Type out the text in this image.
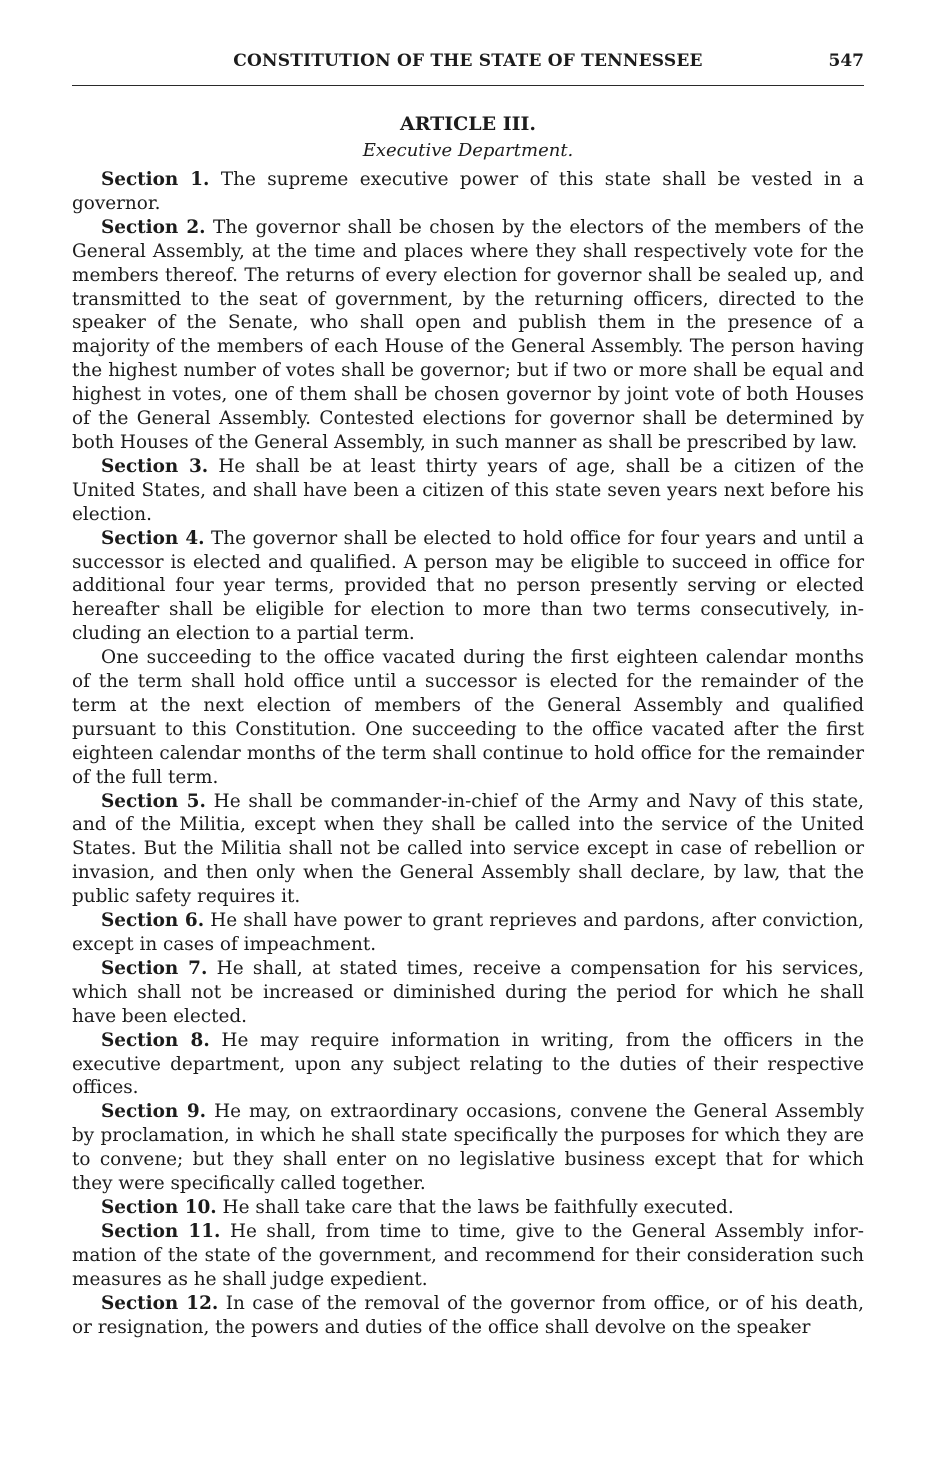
CONSTITUTION OF THE STATE OF TENNESSEE	547
ARTICLE III.
Executive Department.

Section 1. The supreme executive power of this state shall be vested in a governor.

Section 2. The governor shall be chosen by the electors of the members of the General Assembly, at the time and places where they shall respectively vote for the members thereof. The returns of every election for governor shall be sealed up, and transmitted to the seat of government, by the returning officers, directed to the speaker of the Senate, who shall open and publish them in the presence of a majority of the members of each House of the General Assembly. The person having the highest number of votes shall be governor; but if two or more shall be equal and highest in votes, one of them shall be chosen governor by joint vote of both Houses of the General Assembly. Contested elections for governor shall be determined by both Houses of the General Assembly, in such manner as shall be prescribed by law.

Section 3. He shall be at least thirty years of age, shall be a citizen of the United States, and shall have been a citizen of this state seven years next before his election.

Section 4. The governor shall be elected to hold office for four years and until a successor is elected and qualified. A person may be eligible to succeed in office for additional four year terms, provided that no person presently serving or elected hereafter shall be eligible for election to more than two terms consecutively, including an election to a partial term.

One succeeding to the office vacated during the first eighteen calendar months of the term shall hold office until a successor is elected for the remainder of the term at the next election of members of the General Assembly and qualified pursuant to this Constitution. One succeeding to the office vacated after the first eighteen calendar months of the term shall continue to hold office for the remainder of the full term.

Section 5. He shall be commander-in-chief of the Army and Navy of this state, and of the Militia, except when they shall be called into the service of the United States. But the Militia shall not be called into service except in case of rebellion or invasion, and then only when the General Assembly shall declare, by law, that the public safety requires it.

Section 6. He shall have power to grant reprieves and pardons, after conviction, except in cases of impeachment.

Section 7. He shall, at stated times, receive a compensation for his services, which shall not be increased or diminished during the period for which he shall have been elected.

Section 8. He may require information in writing, from the officers in the executive department, upon any subject relating to the duties of their respective offices.

Section 9. He may, on extraordinary occasions, convene the General Assembly by proclamation, in which he shall state specifically the purposes for which they are to convene; but they shall enter on no legislative business except that for which they were specifically called together.

Section 10. He shall take care that the laws be faithfully executed.

Section 11. He shall, from time to time, give to the General Assembly information of the state of the government, and recommend for their consideration such measures as he shall judge expedient.

Section 12. In case of the removal of the governor from office, or of his death, or resignation, the powers and duties of the office shall devolve on the speaker
